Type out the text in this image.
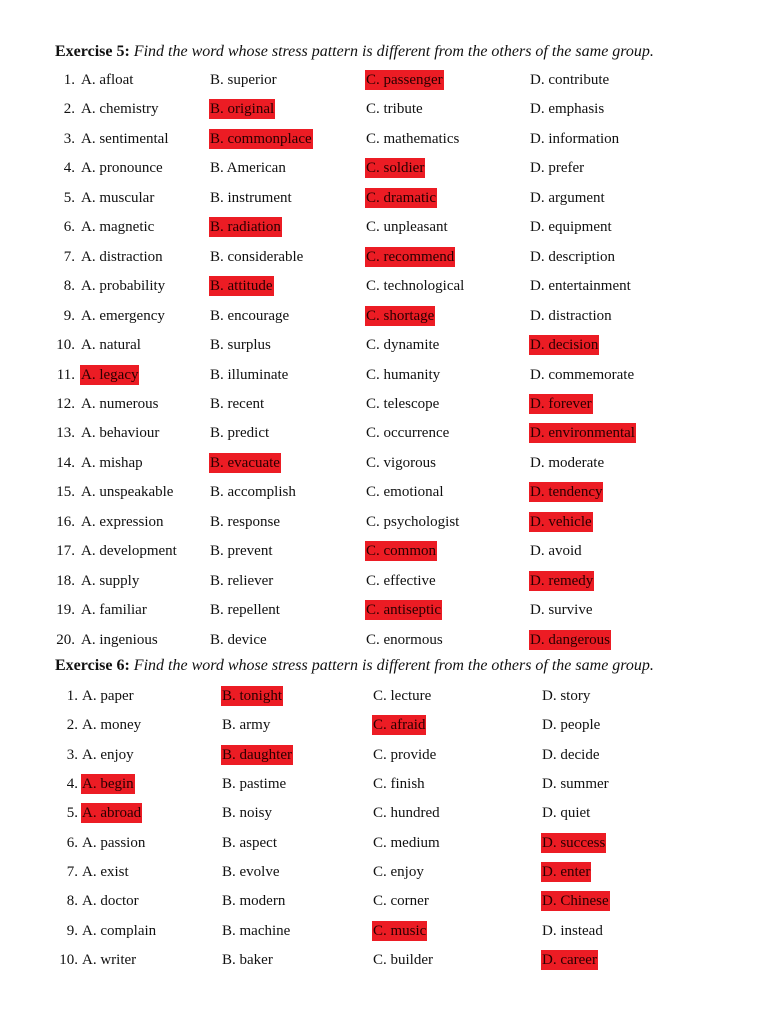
Exercise 5: Find the word whose stress pattern is different from the others of the same group.
1. A. afloat	B. superior	C. passenger	D. contribute
2. A. chemistry	B. original	C. tribute	D. emphasis
3. A. sentimental	B. commonplace	C. mathematics	D. information
4. A. pronounce	B. American	C. soldier	D. prefer
5. A. muscular	B. instrument	C. dramatic	D. argument
6. A. magnetic	B. radiation	C. unpleasant	D. equipment
7. A. distraction	B. considerable	C. recommend	D. description
8. A. probability	B. attitude	C. technological	D. entertainment
9. A. emergency	B. encourage	C. shortage	D. distraction
10. A. natural	B. surplus	C. dynamite	D. decision
11. A. legacy	B. illuminate	C. humanity	D. commemorate
12. A. numerous	B. recent	C. telescope	D. forever
13. A. behaviour	B. predict	C. occurrence	D. environmental
14. A. mishap	B. evacuate	C. vigorous	D. moderate
15. A. unspeakable B. accomplish	C. emotional	D. tendency
16. A. expression	B. response	C. psychologist	D. vehicle
17. A. development B. prevent	C. common	D. avoid
18. A. supply	B. reliever	C. effective	D. remedy
19. A. familiar	B. repellent	C. antiseptic	D. survive
20. A. ingenious	B. device	C. enormous	D. dangerous
Exercise 6: Find the word whose stress pattern is different from the others of the same group.
1. A. paper	B. tonight	C. lecture	D. story
2. A. money	B. army	C. afraid	D. people
3. A. enjoy	B. daughter	C. provide	D. decide
4. A. begin	B. pastime	C. finish	D. summer
5. A. abroad	B. noisy	C. hundred	D. quiet
6. A. passion	B. aspect	C. medium	D. success
7. A. exist	B. evolve	C. enjoy	D. enter
8. A. doctor	B. modern	C. corner	D. Chinese
9. A. complain	B. machine	C. music	D. instead
10. A. writer	B. baker	C. builder	D. career
